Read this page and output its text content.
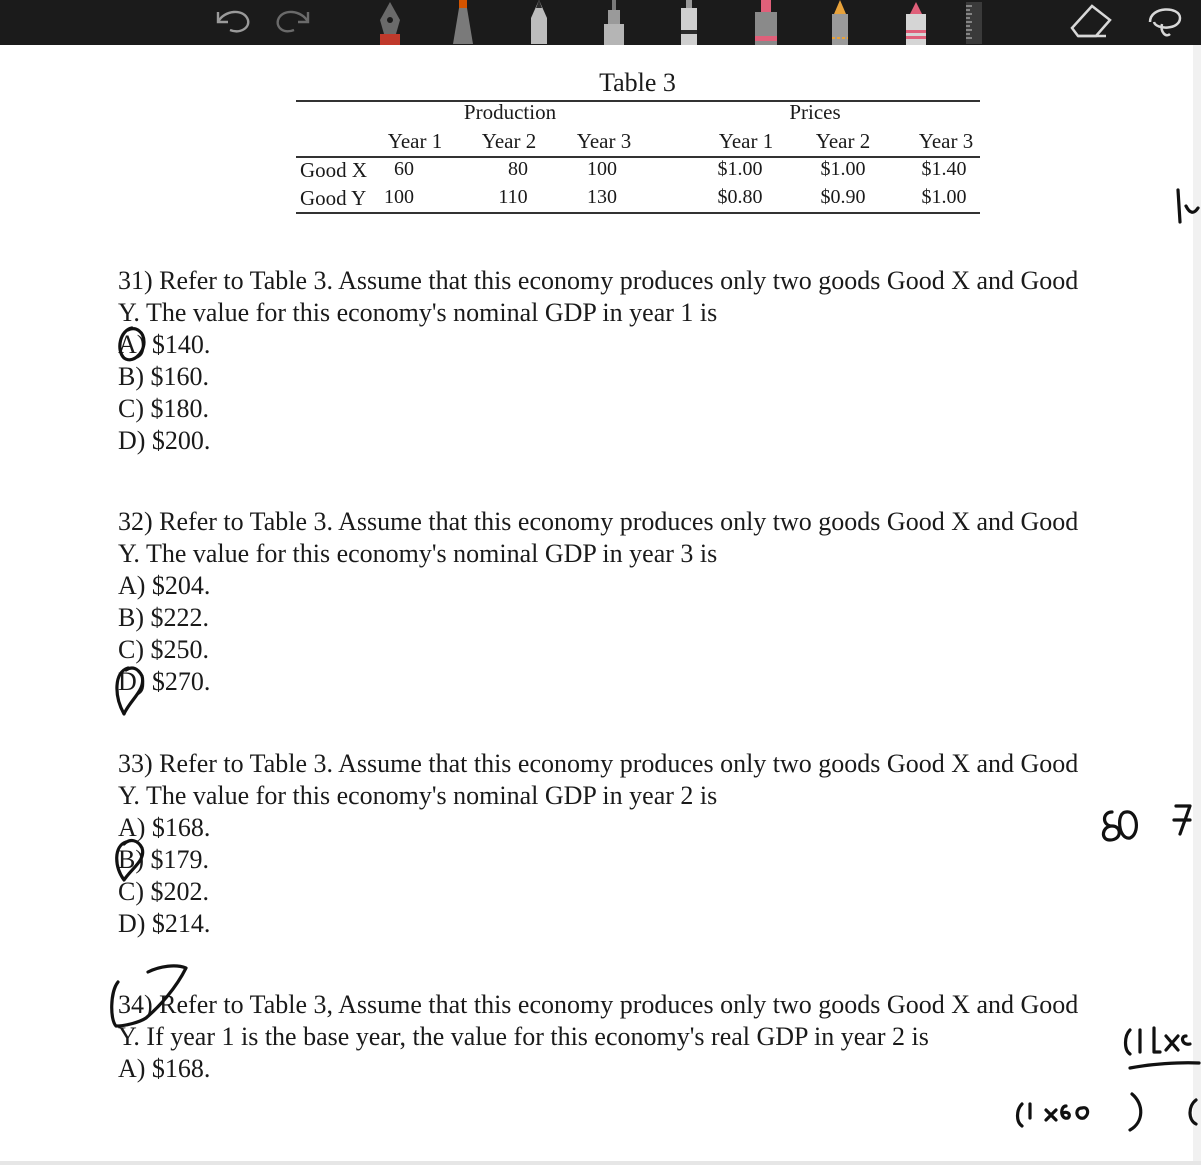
Table 3
Production	Prices
Year 1 Year 2 Year 3	Year 1 Year 2 Year 3
Good X 60	80	100	$1.00	$1.00	$1.40
Good Y 100	110	130	$0.80	$0.90	$1.00
31) Refer to Table 3. Assume that this economy produces only two goods Good X and Good
Y. The value for this economy's nominal GDP in year 1 is
A) $140.
B) $160.
C) $180.
D) $200.
32) Refer to Table 3. Assume that this economy produces only two goods Good X and Good
Y. The value for this economy's nominal GDP in year 3 is
A) $204.
B) $222.
C) $250.
D) $270.
33) Refer to Table 3. Assume that this economy produces only two goods Good X and Good
Y. The value for this economy's nominal GDP in year 2 is
A) $168.
B) $179.
C) $202.
D) $214.
34) Refer to Table 3, Assume that this economy produces only two goods Good X and Good
Y. If year 1 is the base year, the value for this economy's real GDP in year 2 is
A) $168.
